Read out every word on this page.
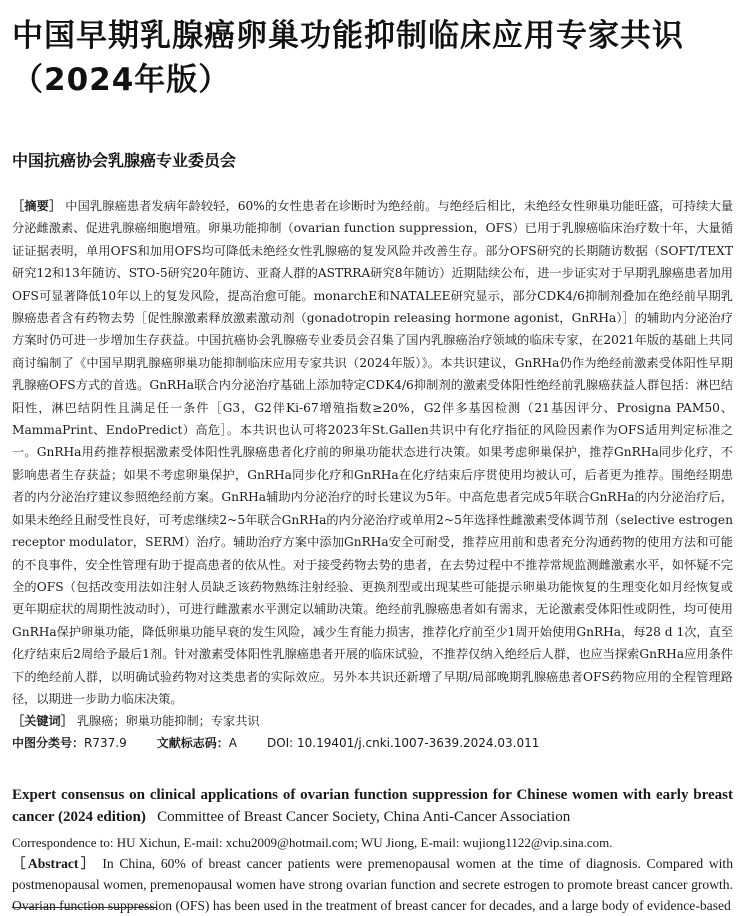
中国早期乳腺癌卵巢功能抑制临床应用专家共识（2024年版）
中国抗癌协会乳腺癌专业委员会
［摘要］ 中国乳腺癌患者发病年龄较轻，60%的女性患者在诊断时为绝经前。与绝经后相比，未绝经女性卵巢功能旺盛，可持续大量分泌雌激素、促进乳腺癌细胞增殖。卵巢功能抑制（ovarian function suppression，OFS）已用于乳腺癌临床治疗数十年，大量循证证据表明，单用OFS和加用OFS均可降低未绝经女性乳腺癌的复发风险并改善生存。部分OFS研究的长期随访数据（SOFT/TEXT研究12和13年随访、STO-5研究20年随访、亚裔人群的ASTRRA研究8年随访）近期陆续公布，进一步证实对于早期乳腺癌患者加用OFS可显著降低10年以上的复发风险，提高治愈可能。monarchE和NATALEE研究显示，部分CDK4/6抑制剂叠加在绝经前早期乳腺癌患者含有药物去势［促性腺激素释放激素激动剂（gonadotropin releasing hormone agonist，GnRHa）］的辅助内分泌治疗方案时仍可进一步增加生存获益。中国抗癌协会乳腺癌专业委员会召集了国内乳腺癌治疗领域的临床专家，在2021年版的基础上共同商讨编制了《中国早期乳腺癌卵巢功能抑制临床应用专家共识（2024年版）》。本共识建议，GnRHa仍作为绝经前激素受体阳性早期乳腺癌OFS方式的首选。GnRHa联合内分泌治疗基础上添加特定CDK4/6抑制剂的激素受体阳性绝经前乳腺癌获益人群包括：淋巴结阳性，淋巴结阴性且满足任一条件［G3，G2伴Ki-67增殖指数≥20%，G2伴多基因检测（21基因评分、Prosigna PAM50、MammaPrint、EndoPredict）高危］。本共识也认可将2023年St.Gallen共识中有化疗指征的风险因素作为OFS适用判定标准之一。GnRHa用药推荐根据激素受体阳性乳腺癌患者化疗前的卵巢功能状态进行决策。如果考虑卵巢保护，推荐GnRHa同步化疗，不影响患者生存获益；如果不考虑卵巢保护，GnRHa同步化疗和GnRHa在化疗结束后序贯使用均被认可，后者更为推荐。围绝经期患者的内分泌治疗建议参照绝经前方案。GnRHa辅助内分泌治疗的时长建议为5年。中高危患者完成5年联合GnRHa的内分泌治疗后，如果未绝经且耐受性良好，可考虑继续2~5年联合GnRHa的内分泌治疗或单用2~5年选择性雌激素受体调节剂（selective estrogen receptor modulator，SERM）治疗。辅助治疗方案中添加GnRHa安全可耐受，推荐应用前和患者充分沟通药物的使用方法和可能的不良事件，安全性管理有助于提高患者的依从性。对于接受药物去势的患者，在去势过程中不推荐常规监测雌激素水平，如怀疑不完全的OFS（包括改变用法如注射人员缺乏该药物熟练注射经验、更换剂型或出现某些可能提示卵巢功能恢复的生理变化如月经恢复或更年期症状的周期性波动时），可进行雌激素水平测定以辅助决策。绝经前乳腺癌患者如有需求，无论激素受体阳性或阴性，均可使用GnRHa保护卵巢功能，降低卵巢功能早衰的发生风险，减少生育能力损害，推荐化疗前至少1周开始使用GnRHa，每28 d 1次，直至化疗结束后2周给予最后1剂。针对激素受体阳性乳腺癌患者开展的临床试验，不推荐仅纳入绝经后人群，也应当探索GnRHa应用条件下的绝经前人群，以明确试验药物对这类患者的实际效应。另外本共识还新增了早期/局部晚期乳腺癌患者OFS药物应用的全程管理路径，以期进一步助力临床决策。
［关键词］ 乳腺癌；卵巢功能抑制；专家共识
中图分类号：R737.9	文献标志码：A	DOI: 10.19401/j.cnki.1007-3639.2024.03.011
Expert consensus on clinical applications of ovarian function suppression for Chinese women with early breast cancer (2024 edition) Committee of Breast Cancer Society, China Anti-Cancer Association
Correspondence to: HU Xichun, E-mail: xchu2009@hotmail.com; WU Jiong, E-mail: wujiong1122@vip.sina.com.
［Abstract］ In China, 60% of breast cancer patients were premenopausal women at the time of diagnosis. Compared with postmenopausal women, premenopausal women have strong ovarian function and secrete estrogen to promote breast cancer growth. Ovarian function suppression (OFS) has been used in the treatment of breast cancer for decades, and a large body of evidence-based
